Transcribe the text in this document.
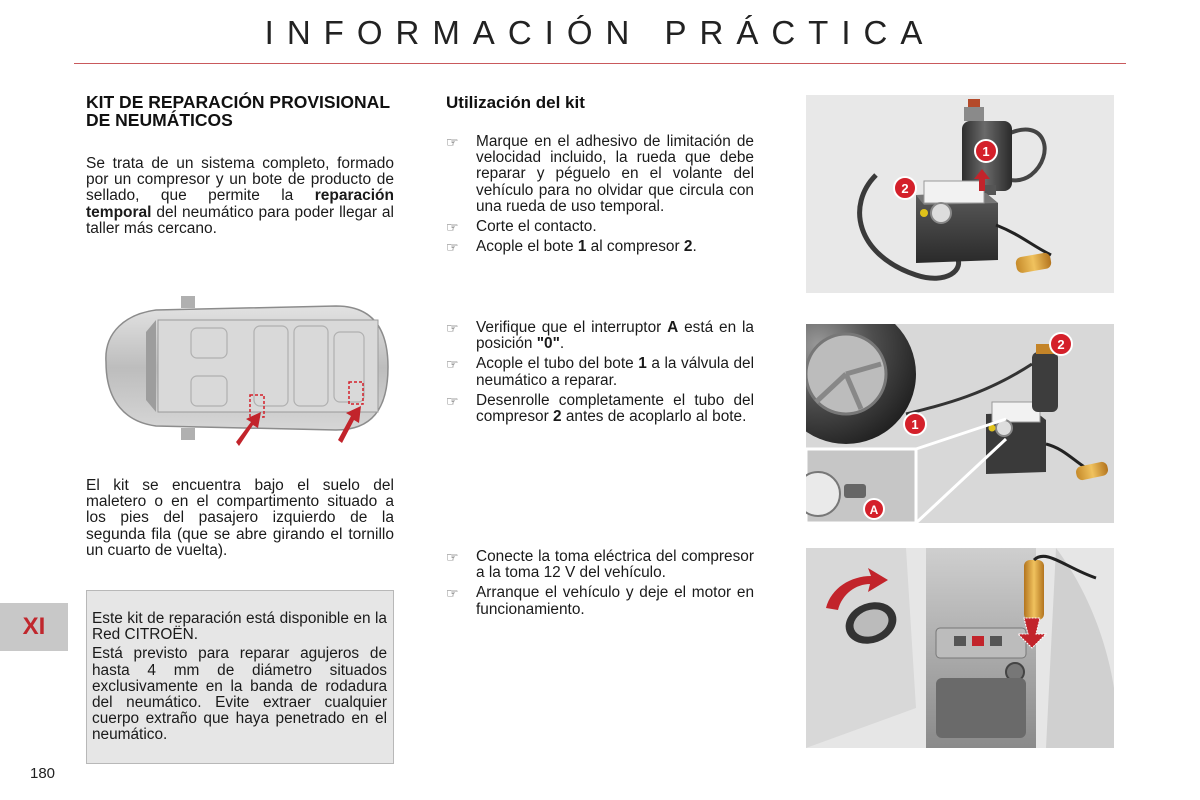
INFORMACIÓN PRÁCTICA
KIT DE REPARACIÓN PROVISIONAL DE NEUMÁTICOS

Se trata de un sistema completo, formado por un compresor y un bote de producto de sellado, que permite la reparación temporal del neumático para poder llegar al taller más cercano.

El kit se encuentra bajo el suelo del maletero o en el compartimento situado a los pies del pasajero izquierdo de la segunda fila (que se abre girando el tornillo un cuarto de vuelta).

Este kit de reparación está disponible en la Red CITROËN.

Está previsto para reparar agujeros de hasta 4 mm de diámetro situados exclusivamente en la banda de rodadura del neumático. Evite extraer cualquier cuerpo extraño que haya penetrado en el neumático.

XI
180
Utilización del kit
☞ Marque en el adhesivo de limitación de velocidad incluido, la rueda que debe reparar y péguelo en el volante del vehículo para no olvidar que circula con una rueda de uso temporal.
☞ Corte el contacto.
☞ Acople el bote 1 al compresor 2.
☞ Verifique que el interruptor A está en la posición "0".
☞ Acople el tubo del bote 1 a la válvula del neumático a reparar.
☞ Desenrolle completamente el tubo del compresor 2 antes de acoplarlo al bote.
☞ Conecte la toma eléctrica del compresor a la toma 12 V del vehículo.
☞ Arranque el vehículo y deje el motor en funcionamiento.
1
2
2
1
A
